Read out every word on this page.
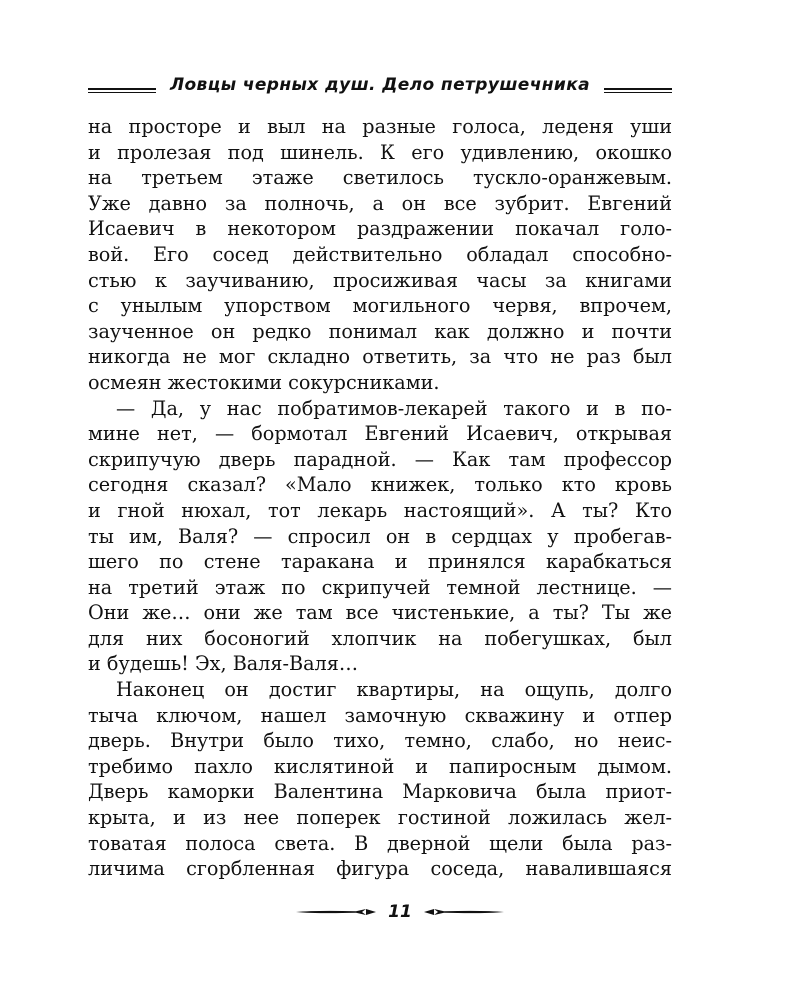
Ловцы черных душ. Дело петрушечника
на просторе и выл на разные голоса, леденя уши
и пролезая под шинель. К его удивлению, окошко
на третьем этаже светилось тускло-оранжевым.
Уже давно за полночь, а он все зубрит. Евгений
Исаевич в некотором раздражении покачал голо-
вой. Его сосед действительно обладал способно-
стью к заучиванию, просиживая часы за книгами
с унылым упорством могильного червя, впрочем,
заученное он редко понимал как должно и почти
никогда не мог складно ответить, за что не раз был
осмеян жестокими сокурсниками.
— Да, у нас побратимов-лекарей такого и в по-
мине нет, — бормотал Евгений Исаевич, открывая
скрипучую дверь парадной. — Как там профессор
сегодня сказал? «Мало книжек, только кто кровь
и гной нюхал, тот лекарь настоящий». А ты? Кто
ты им, Валя? — спросил он в сердцах у пробегав-
шего по стене таракана и принялся карабкаться
на третий этаж по скрипучей темной лестнице. —
Они же… они же там все чистенькие, а ты? Ты же
для них босоногий хлопчик на побегушках, был
и будешь! Эх, Валя-Валя…
Наконец он достиг квартиры, на ощупь, долго
тыча ключом, нашел замочную скважину и отпер
дверь. Внутри было тихо, темно, слабо, но неис-
требимо пахло кислятиной и папиросным дымом.
Дверь каморки Валентина Марковича была приот-
крыта, и из нее поперек гостиной ложилась жел-
товатая полоса света. В дверной щели была раз-
личима сгорбленная фигура соседа, навалившаяся
11
